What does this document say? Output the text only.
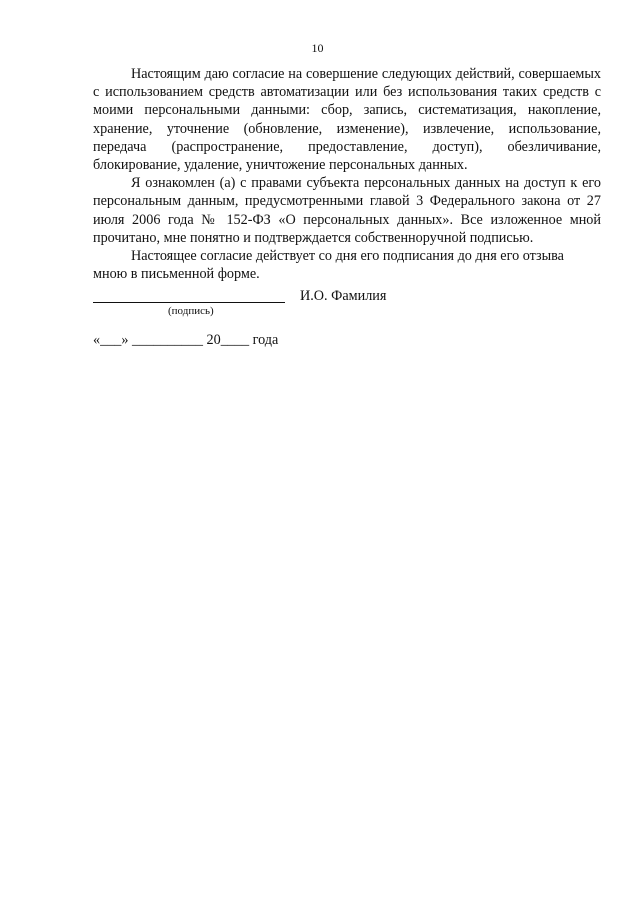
10

Настоящим даю согласие на совершение следующих действий, совершаемых с использованием средств автоматизации или без использования таких средств с моими персональными данными: сбор, запись, систематизация, накопление, хранение, уточнение (обновление, изменение), извлечение, использование, передача (распространение, предоставление, доступ), обезличивание, блокирование, удаление, уничтожение персональных данных.

Я ознакомлен (а) с правами субъекта персональных данных на доступ к его персональным данным, предусмотренными главой 3 Федерального закона от 27 июля 2006 года № 152-ФЗ «О персональных данных». Все изложенное мной прочитано, мне понятно и подтверждается собственноручной подписью.

Настоящее согласие действует со дня его подписания до дня его отзыва мною в письменной форме.

И.О. Фамилия
(подпись)
«___» __________ 20____ года
